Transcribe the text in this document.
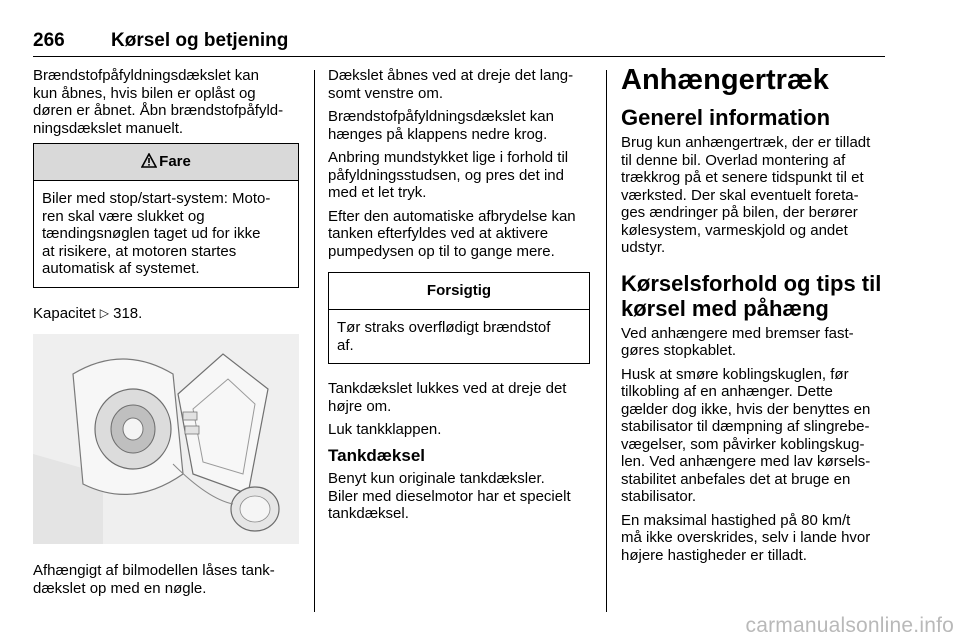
266 Kørsel og betjening

Brændstofpåfyldningsdækslet kan
kun åbnes, hvis bilen er oplåst og
døren er åbnet. Åbn brændstofpåfyld-
ningsdækslet manuelt.

Fare
Biler med stop/start-system: Moto-
ren skal være slukket og
tændingsnøglen taget ud for ikke
at risikere, at motoren startes
automatisk af systemet.

Kapacitet ▷ 318.

Afhængigt af bilmodellen låses tank-
dækslet op med en nøgle.

Dækslet åbnes ved at dreje det lang-
somt venstre om.

Brændstofpåfyldningsdækslet kan
hænges på klappens nedre krog.

Anbring mundstykket lige i forhold til
påfyldningsstudsen, og pres det ind
med et let tryk.

Efter den automatiske afbrydelse kan
tanken efterfyldes ved at aktivere
pumpedysen op til to gange mere.

Forsigtig
Tør straks overflødigt brændstof
af.

Tankdækslet lukkes ved at dreje det
højre om.

Luk tankklappen.

Tankdæksel

Benyt kun originale tankdæksler.
Biler med dieselmotor har et specielt
tankdæksel.

Anhængertræk
Generel information

Brug kun anhængertræk, der er tilladt
til denne bil. Overlad montering af
trækkrog på et senere tidspunkt til et
værksted. Der skal eventuelt foreta-
ges ændringer på bilen, der berører
kølesystem, varmeskjold og andet
udstyr.

Kørselsforhold og tips til
kørsel med påhæng

Ved anhængere med bremser fast-
gøres stopkablet.

Husk at smøre koblingskuglen, før
tilkobling af en anhænger. Dette
gælder dog ikke, hvis der benyttes en
stabilisator til dæmpning af slingrebe-
vægelser, som påvirker koblingskug-
len. Ved anhængere med lav kørsels-
stabilitet anbefales det at bruge en
stabilisator.

En maksimal hastighed på 80 km/t
må ikke overskrides, selv i lande hvor
højere hastigheder er tilladt.

carmanualsonline.info
